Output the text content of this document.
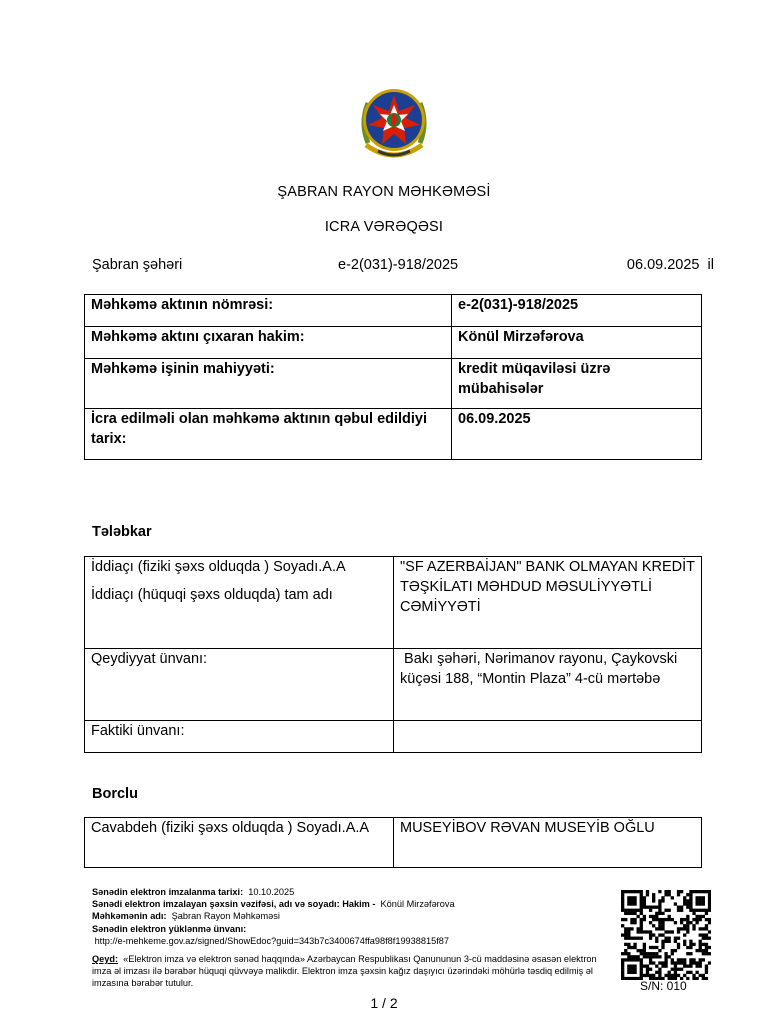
ŞABRAN RAYON MƏHKƏMƏSİ
ICRA VƏRƏQƏSI
Şabran şəhəri	e-2(031)-918/2025	06.09.2025  il
Məhkəmə aktının nömrəsi:	e-2(031)-918/2025
Məhkəmə aktını çıxaran hakim:	Könül Mirzəfərova
Məhkəmə işinin mahiyyəti:	kredit müqaviləsi üzrə mübahisələr
İcra edilməli olan məhkəmə aktının qəbul edildiyi tarix:	06.09.2025
Tələbkar
İddiaçı (fiziki şəxs olduqda ) Soyadı.A.A
İddiaçı (hüquqi şəxs olduqda) tam adı	"SF AZERBAİJAN" BANK OLMAYAN KREDİT TƏŞKİLATI MƏHDUD MƏSULİYYƏTLİ CƏMİYYƏTİ
Qeydiyyat ünvanı:	Bakı şəhəri, Nərimanov rayonu, Çaykovski küçəsi 188, “Montin Plaza” 4-cü mərtəbə
Faktiki ünvanı:	
Borclu
Cavabdeh (fiziki şəxs olduqda ) Soyadı.A.A	MUSEYİBOV RƏVAN MUSEYİB OĞLU
Sənədin elektron imzalanma tarixi: 10.10.2025
Sənədi elektron imzalayan şəxsin vəzifəsi, adı və soyadı: Hakim - Könül Mirzəfərova
Məhkəmənin adı: Şabran Rayon Məhkəməsi
Sənədin elektron yüklənmə ünvanı:
http://e-mehkeme.gov.az/signed/ShowEdoc?guid=343b7c3400674ffa98f8f19938815f87
Qeyd: «Elektron imza və elektron sənəd haqqında» Azərbaycan Respublikası Qanununun 3-cü maddəsinə əsasən elektron imza əl imzası ilə bərabər hüquqi qüvvəyə malikdir. Elektron imza şəxsin kağız daşıyıcı üzərindəki möhürlə təsdiq edilmiş əl imzasına bərabər tutulur.	S/N: 010
1 / 2
